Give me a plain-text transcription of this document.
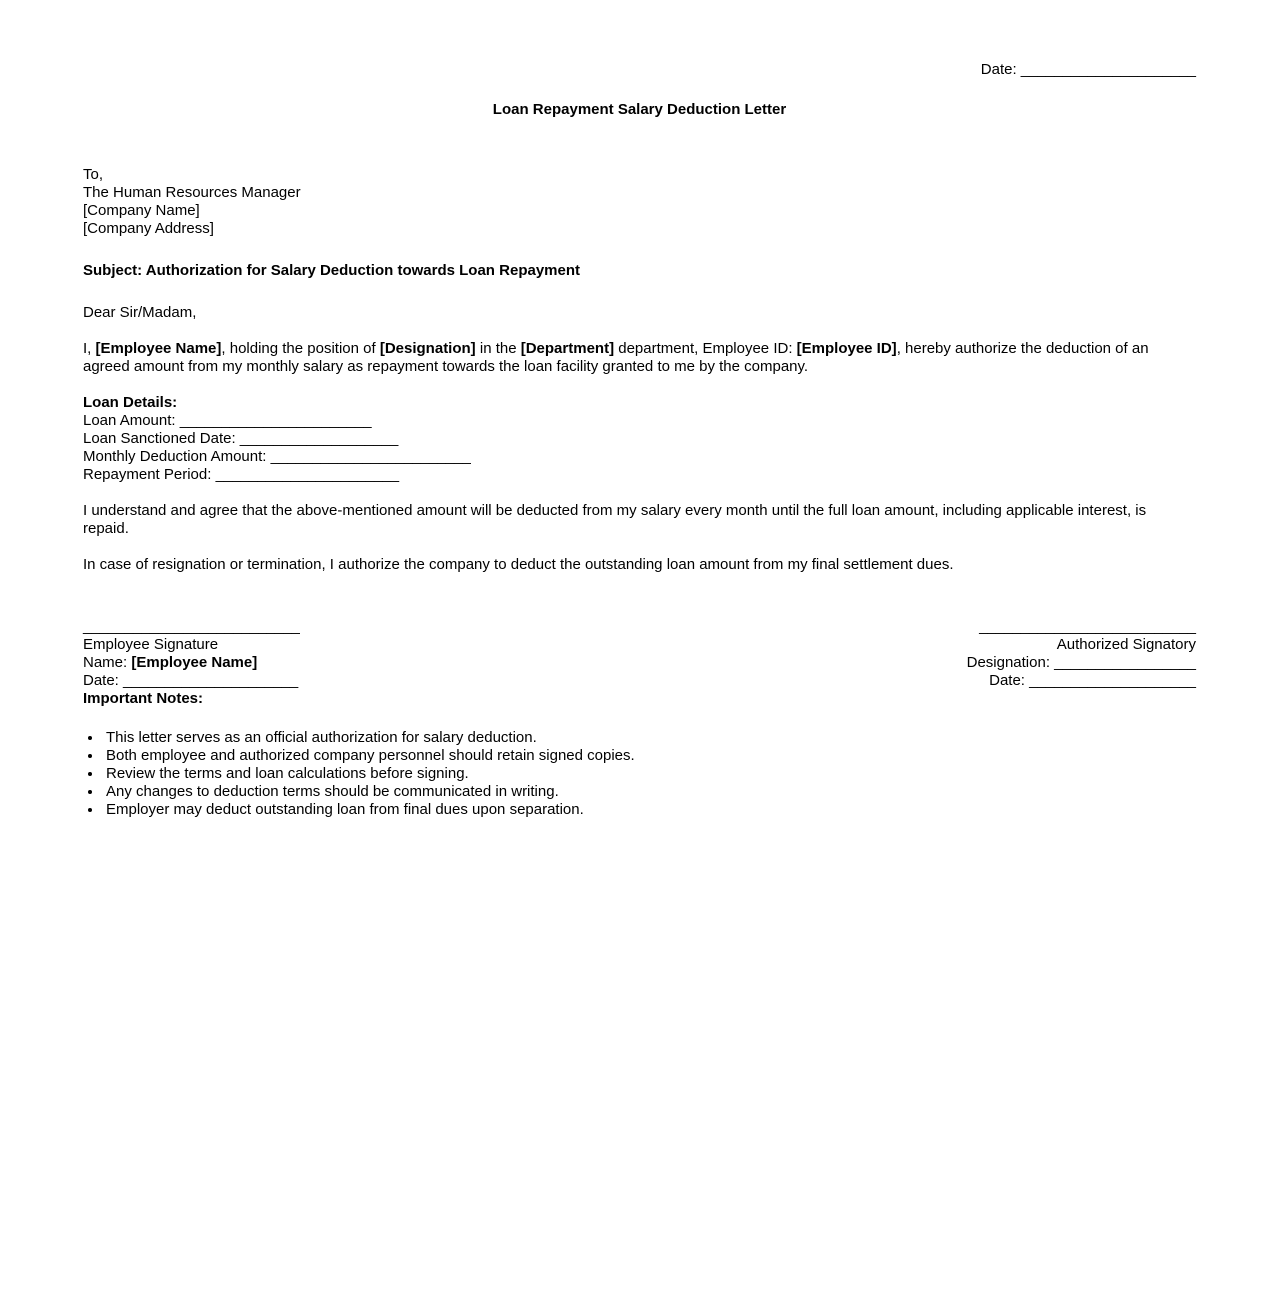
Date: _____________________
Loan Repayment Salary Deduction Letter
To,
The Human Resources Manager
[Company Name]
[Company Address]
Subject: Authorization for Salary Deduction towards Loan Repayment
Dear Sir/Madam,
I, [Employee Name], holding the position of [Designation] in the [Department] department, Employee ID: [Employee ID], hereby authorize the deduction of an agreed amount from my monthly salary as repayment towards the loan facility granted to me by the company.
Loan Details:
Loan Amount: _______________________
Loan Sanctioned Date: ___________________
Monthly Deduction Amount: ________________________
Repayment Period: ______________________
I understand and agree that the above-mentioned amount will be deducted from my salary every month until the full loan amount, including applicable interest, is repaid.
In case of resignation or termination, I authorize the company to deduct the outstanding loan amount from my final settlement dues.
__________________________
Employee Signature
Name: [Employee Name]
Date: _____________________
__________________________
Authorized Signatory
Designation: _________________
Date: ____________________
Important Notes:
• This letter serves as an official authorization for salary deduction.
• Both employee and authorized company personnel should retain signed copies.
• Review the terms and loan calculations before signing.
• Any changes to deduction terms should be communicated in writing.
• Employer may deduct outstanding loan from final dues upon separation.
